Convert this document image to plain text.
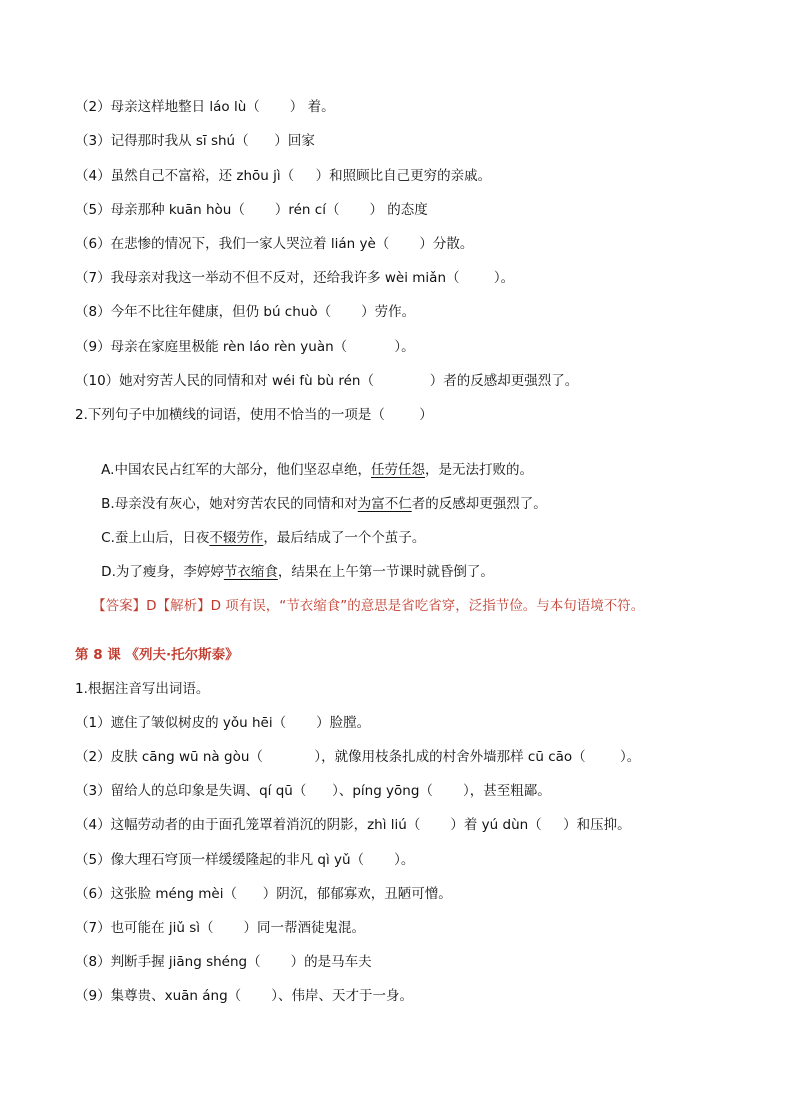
（2）母亲这样地整日 láo lù（       ） 着。
（3）记得那时我从 sī shú（      ）回家
（4）虽然自己不富裕，还 zhōu jì（     ）和照顾比自己更穷的亲戚。
（5）母亲那种 kuān hòu（       ）rén cí（       ） 的态度
（6）在悲惨的情况下，我们一家人哭泣着 lián yè（       ）分散。
（7）我母亲对我这一举动不但不反对，还给我许多 wèi miǎn（        ）。
（8）今年不比往年健康，但仍 bú chuò（       ）劳作。
（9）母亲在家庭里极能 rèn láo rèn yuàn（           ）。
（10）她对穷苦人民的同情和对 wéi fù bù rén（             ）者的反感却更强烈了。
2.下列句子中加横线的词语，使用不恰当的一项是（        ）

A.中国农民占红军的大部分，他们坚忍卓绝，任劳任怨，是无法打败的。

B.母亲没有灰心，她对穷苦农民的同情和对为富不仁者的反感却更强烈了。

C.蚕上山后，日夜不辍劳作，最后结成了一个个茧子。

D.为了瘦身，李婷婷节衣缩食，结果在上午第一节课时就昏倒了。

【答案】D【解析】D 项有误，“节衣缩食”的意思是省吃省穿，泛指节俭。与本句语境不符。

第 8 课 《列夫·托尔斯泰》
1.根据注音写出词语。
（1）遮住了皱似树皮的 yǒu hēi（       ）脸膛。
（2）皮肤 cāng wū nà gòu（            ），就像用枝条扎成的村舍外墙那样 cū cāo（        ）。
（3）留给人的总印象是失调、qí qū（      ）、píng yōng（       ），甚至粗鄙。
（4）这幅劳动者的由于面孔笼罩着消沉的阴影，zhì liú（       ）着 yú dùn（     ）和压抑。
（5）像大理石穹顶一样缓缓隆起的非凡 qì yǔ（       ）。
（6）这张脸 méng mèi（      ）阴沉，郁郁寡欢，丑陋可憎。
（7）也可能在 jiǔ sì（       ）同一帮酒徒鬼混。
（8）判断手握 jiāng shéng（       ）的是马车夫
（9）集尊贵、xuān áng（       ）、伟岸、天才于一身。
